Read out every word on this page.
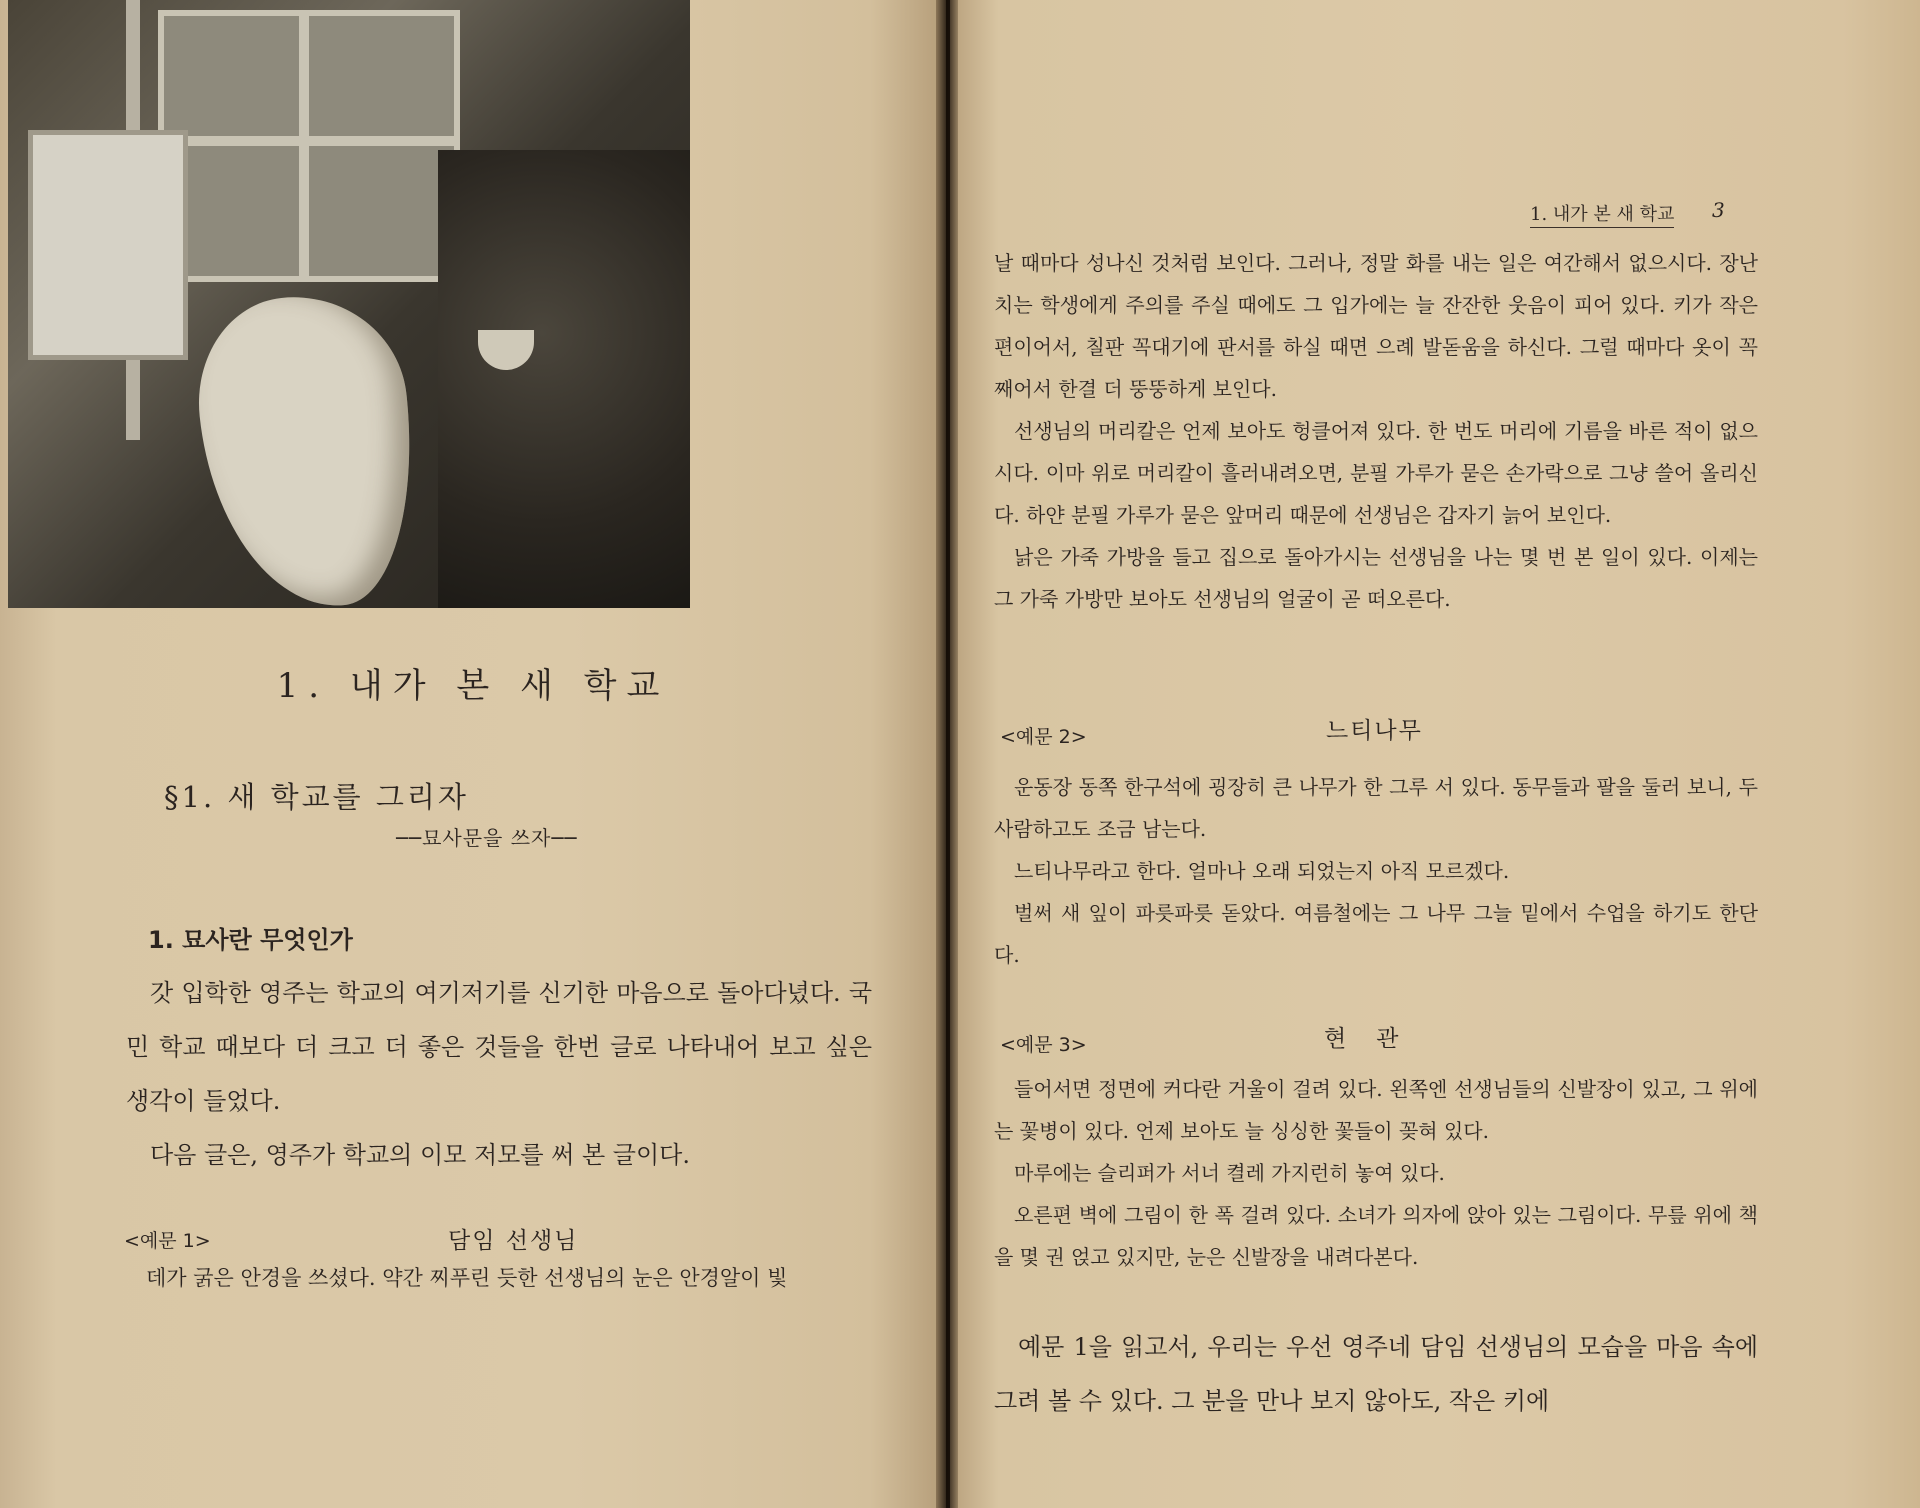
1. 내가 본 새 학교
§1. 새 학교를 그리자
──묘사문을 쓰자──
1. 묘사란 무엇인가

갓 입학한 영주는 학교의 여기저기를 신기한 마음으로 돌아다녔다. 국민 학교 때보다 더 크고 더 좋은 것들을 한번 글로 나타내어 보고 싶은 생각이 들었다.

다음 글은, 영주가 학교의 이모 저모를 써 본 글이다.

<예문 1>	담임 선생님
데가 굵은 안경을 쓰셨다. 약간 찌푸린 듯한 선생님의 눈은 안경알이 빛
1. 내가 본 새 학교 3

날 때마다 성나신 것처럼 보인다. 그러나, 정말 화를 내는 일은 여간해서 없으시다. 장난치는 학생에게 주의를 주실 때에도 그 입가에는 늘 잔잔한 웃음이 피어 있다. 키가 작은 편이어서, 칠판 꼭대기에 판서를 하실 때면 으례 발돋움을 하신다. 그럴 때마다 옷이 꼭 째어서 한결 더 뚱뚱하게 보인다.

선생님의 머리칼은 언제 보아도 헝클어져 있다. 한 번도 머리에 기름을 바른 적이 없으시다. 이마 위로 머리칼이 흘러내려오면, 분필 가루가 묻은 손가락으로 그냥 쓸어 올리신다. 하얀 분필 가루가 묻은 앞머리 때문에 선생님은 갑자기 늙어 보인다.

낡은 가죽 가방을 들고 집으로 돌아가시는 선생님을 나는 몇 번 본 일이 있다. 이제는 그 가죽 가방만 보아도 선생님의 얼굴이 곧 떠오른다.

<예문 2>	느티나무

운동장 동쪽 한구석에 굉장히 큰 나무가 한 그루 서 있다. 동무들과 팔을 둘러 보니, 두 사람하고도 조금 남는다.

느티나무라고 한다. 얼마나 오래 되었는지 아직 모르겠다.

벌써 새 잎이 파릇파릇 돋았다. 여름철에는 그 나무 그늘 밑에서 수업을 하기도 한단다.

<예문 3>	현관

들어서면 정면에 커다란 거울이 걸려 있다. 왼쪽엔 선생님들의 신발장이 있고, 그 위에는 꽃병이 있다. 언제 보아도 늘 싱싱한 꽃들이 꽂혀 있다.

마루에는 슬리퍼가 서너 켤레 가지런히 놓여 있다.

오른편 벽에 그림이 한 폭 걸려 있다. 소녀가 의자에 앉아 있는 그림이다. 무릎 위에 책을 몇 권 얹고 있지만, 눈은 신발장을 내려다본다.

예문 1을 읽고서, 우리는 우선 영주네 담임 선생님의 모습을 마음 속에 그려 볼 수 있다. 그 분을 만나 보지 않아도, 작은 키에
